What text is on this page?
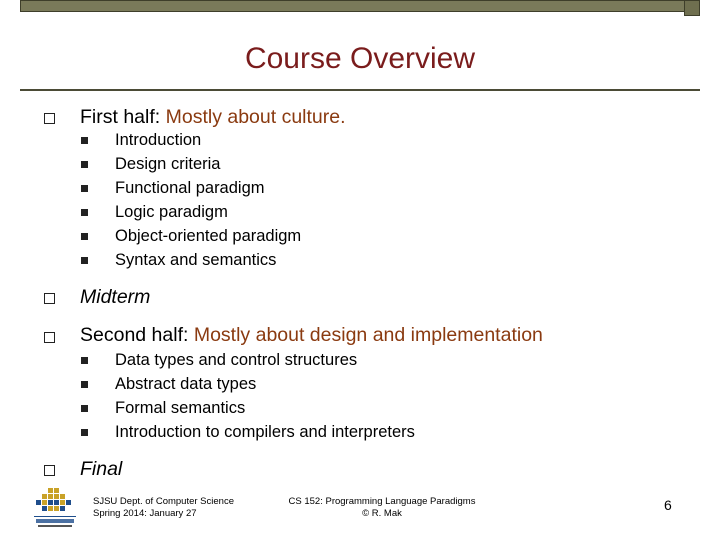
Course Overview
First half: Mostly about culture.
Introduction
Design criteria
Functional paradigm
Logic paradigm
Object-oriented paradigm
Syntax and semantics
Midterm
Second half: Mostly about design and implementation
Data types and control structures
Abstract data types
Formal semantics
Introduction to compilers and interpreters
Final
SJSU Dept. of Computer Science
Spring 2014: January 27
CS 152: Programming Language Paradigms
© R. Mak
6
